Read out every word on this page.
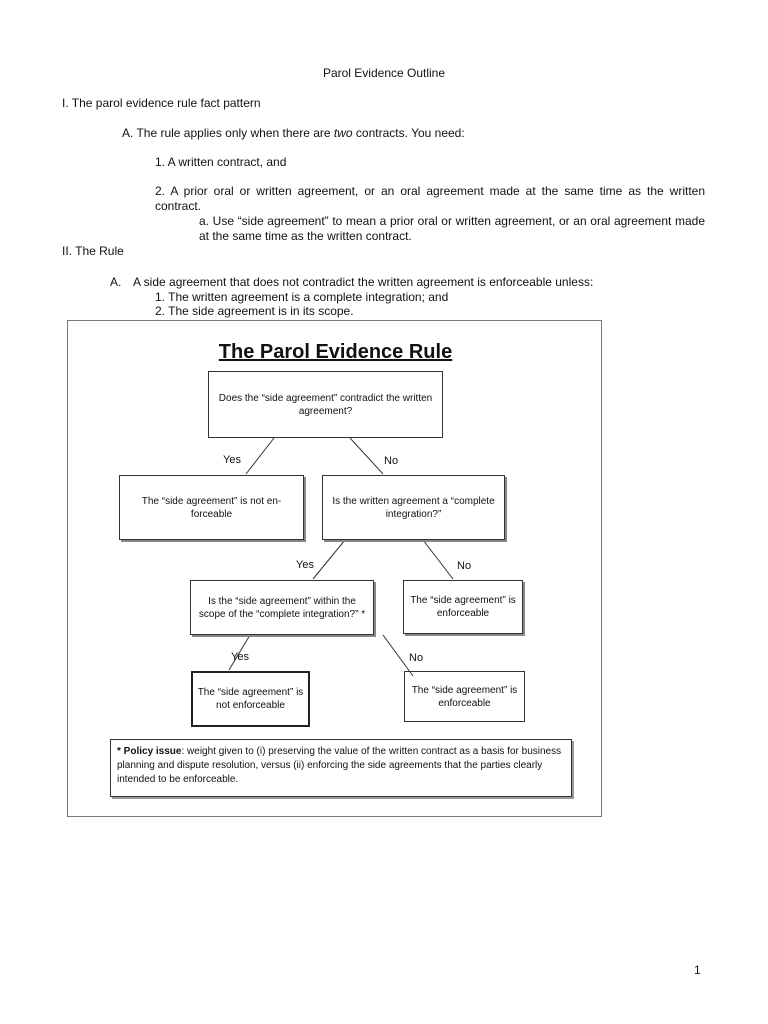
Parol Evidence Outline
I. The parol evidence rule fact pattern
A. The rule applies only when there are two contracts. You need:
1. A written contract, and
2. A prior oral or written agreement, or an oral agreement made at the same time as the written contract.
a. Use “side agreement” to mean a prior oral or written agreement, or an oral agreement made at the same time as the written contract.
II. The Rule
A. A side agreement that does not contradict the written agreement is enforceable unless:
1. The written agreement is a complete integration; and
2. The side agreement is in its scope.
The Parol Evidence Rule
Does the “side agreement” contradict the written agreement?
Yes	No
The “side agreement” is not en-forceable
Is the written agreement a “complete integration?”
Yes	No
Is the “side agreement” within the scope of the “complete integration?” *
The “side agreement” is enforceable
Yes	No
The “side agreement” is not enforceable
The “side agreement” is enforceable
* Policy issue: weight given to (i) preserving the value of the written contract as a basis for business planning and dispute resolution, versus (ii) enforcing the side agreements that the parties clearly intended to be enforceable.
1
